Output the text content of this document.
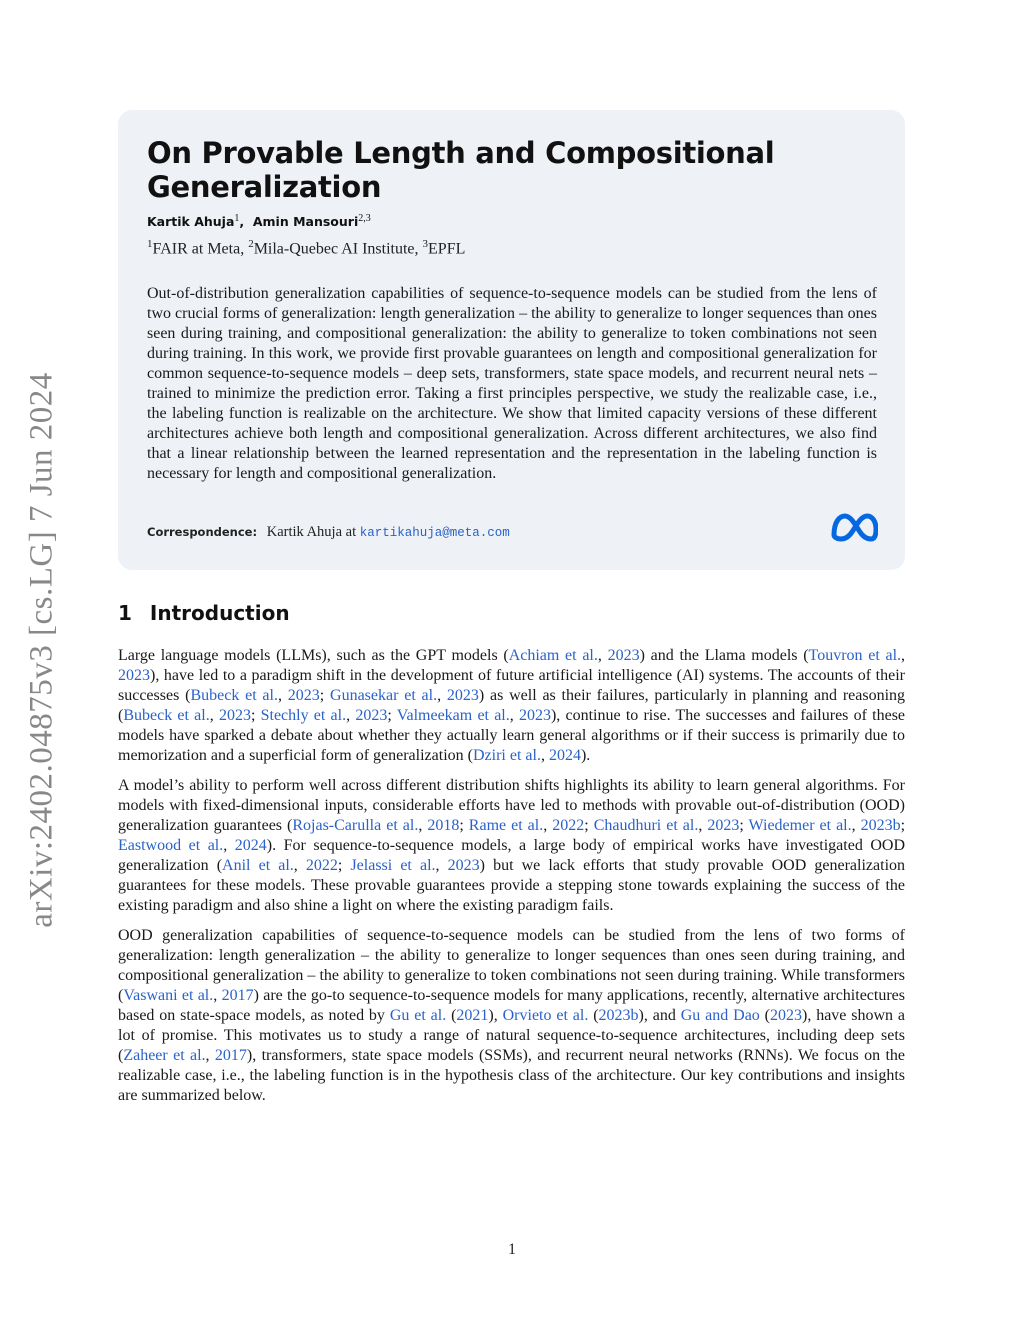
arXiv:2402.04875v3 [cs.LG] 7 Jun 2024
On Provable Length and Compositional Generalization
Kartik Ahuja$^1$,  Amin Mansouri$^{2,3}$
$^1$FAIR at Meta, $^2$Mila-Quebec AI Institute, $^3$EPFL
Out-of-distribution generalization capabilities of sequence-to-sequence models can be studied from the lens of two crucial forms of generalization: length generalization – the ability to generalize to longer sequences than ones seen during training, and compositional generalization: the ability to generalize to token combinations not seen during training. In this work, we provide first provable guarantees on length and compositional generalization for common sequence-to-sequence models – deep sets, transformers, state space models, and recurrent neural nets – trained to minimize the prediction error. Taking a first principles perspective, we study the realizable case, i.e., the labeling function is realizable on the architecture. We show that limited capacity versions of these different architectures achieve both length and compositional generalization. Across different architectures, we also find that a linear relationship between the learned representation and the representation in the labeling function is necessary for length and compositional generalization.
Correspondence: Kartik Ahuja at kartikahuja@meta.com
1 Introduction

Large language models (LLMs), such as the GPT models (Achiam et al., 2023) and the Llama models (Touvron et al., 2023), have led to a paradigm shift in the development of future artificial intelligence (AI) systems. The accounts of their successes (Bubeck et al., 2023; Gunasekar et al., 2023) as well as their failures, particularly in planning and reasoning (Bubeck et al., 2023; Stechly et al., 2023; Valmeekam et al., 2023), continue to rise. The successes and failures of these models have sparked a debate about whether they actually learn general algorithms or if their success is primarily due to memorization and a superficial form of generalization (Dziri et al., 2024).

A model’s ability to perform well across different distribution shifts highlights its ability to learn general algorithms. For models with fixed-dimensional inputs, considerable efforts have led to methods with provable out-of-distribution (OOD) generalization guarantees (Rojas-Carulla et al., 2018; Rame et al., 2022; Chaudhuri et al., 2023; Wiedemer et al., 2023b; Eastwood et al., 2024). For sequence-to-sequence models, a large body of empirical works have investigated OOD generalization (Anil et al., 2022; Jelassi et al., 2023) but we lack efforts that study provable OOD generalization guarantees for these models. These provable guarantees provide a stepping stone towards explaining the success of the existing paradigm and also shine a light on where the existing paradigm fails.

OOD generalization capabilities of sequence-to-sequence models can be studied from the lens of two forms of generalization: length generalization – the ability to generalize to longer sequences than ones seen during training, and compositional generalization – the ability to generalize to token combinations not seen during training. While transformers (Vaswani et al., 2017) are the go-to sequence-to-sequence models for many applications, recently, alternative architectures based on state-space models, as noted by Gu et al. (2021), Orvieto et al. (2023b), and Gu and Dao (2023), have shown a lot of promise. This motivates us to study a range of natural sequence-to-sequence architectures, including deep sets (Zaheer et al., 2017), transformers, state space models (SSMs), and recurrent neural networks (RNNs). We focus on the realizable case, i.e., the labeling function is in the hypothesis class of the architecture. Our key contributions and insights are summarized below.

1
